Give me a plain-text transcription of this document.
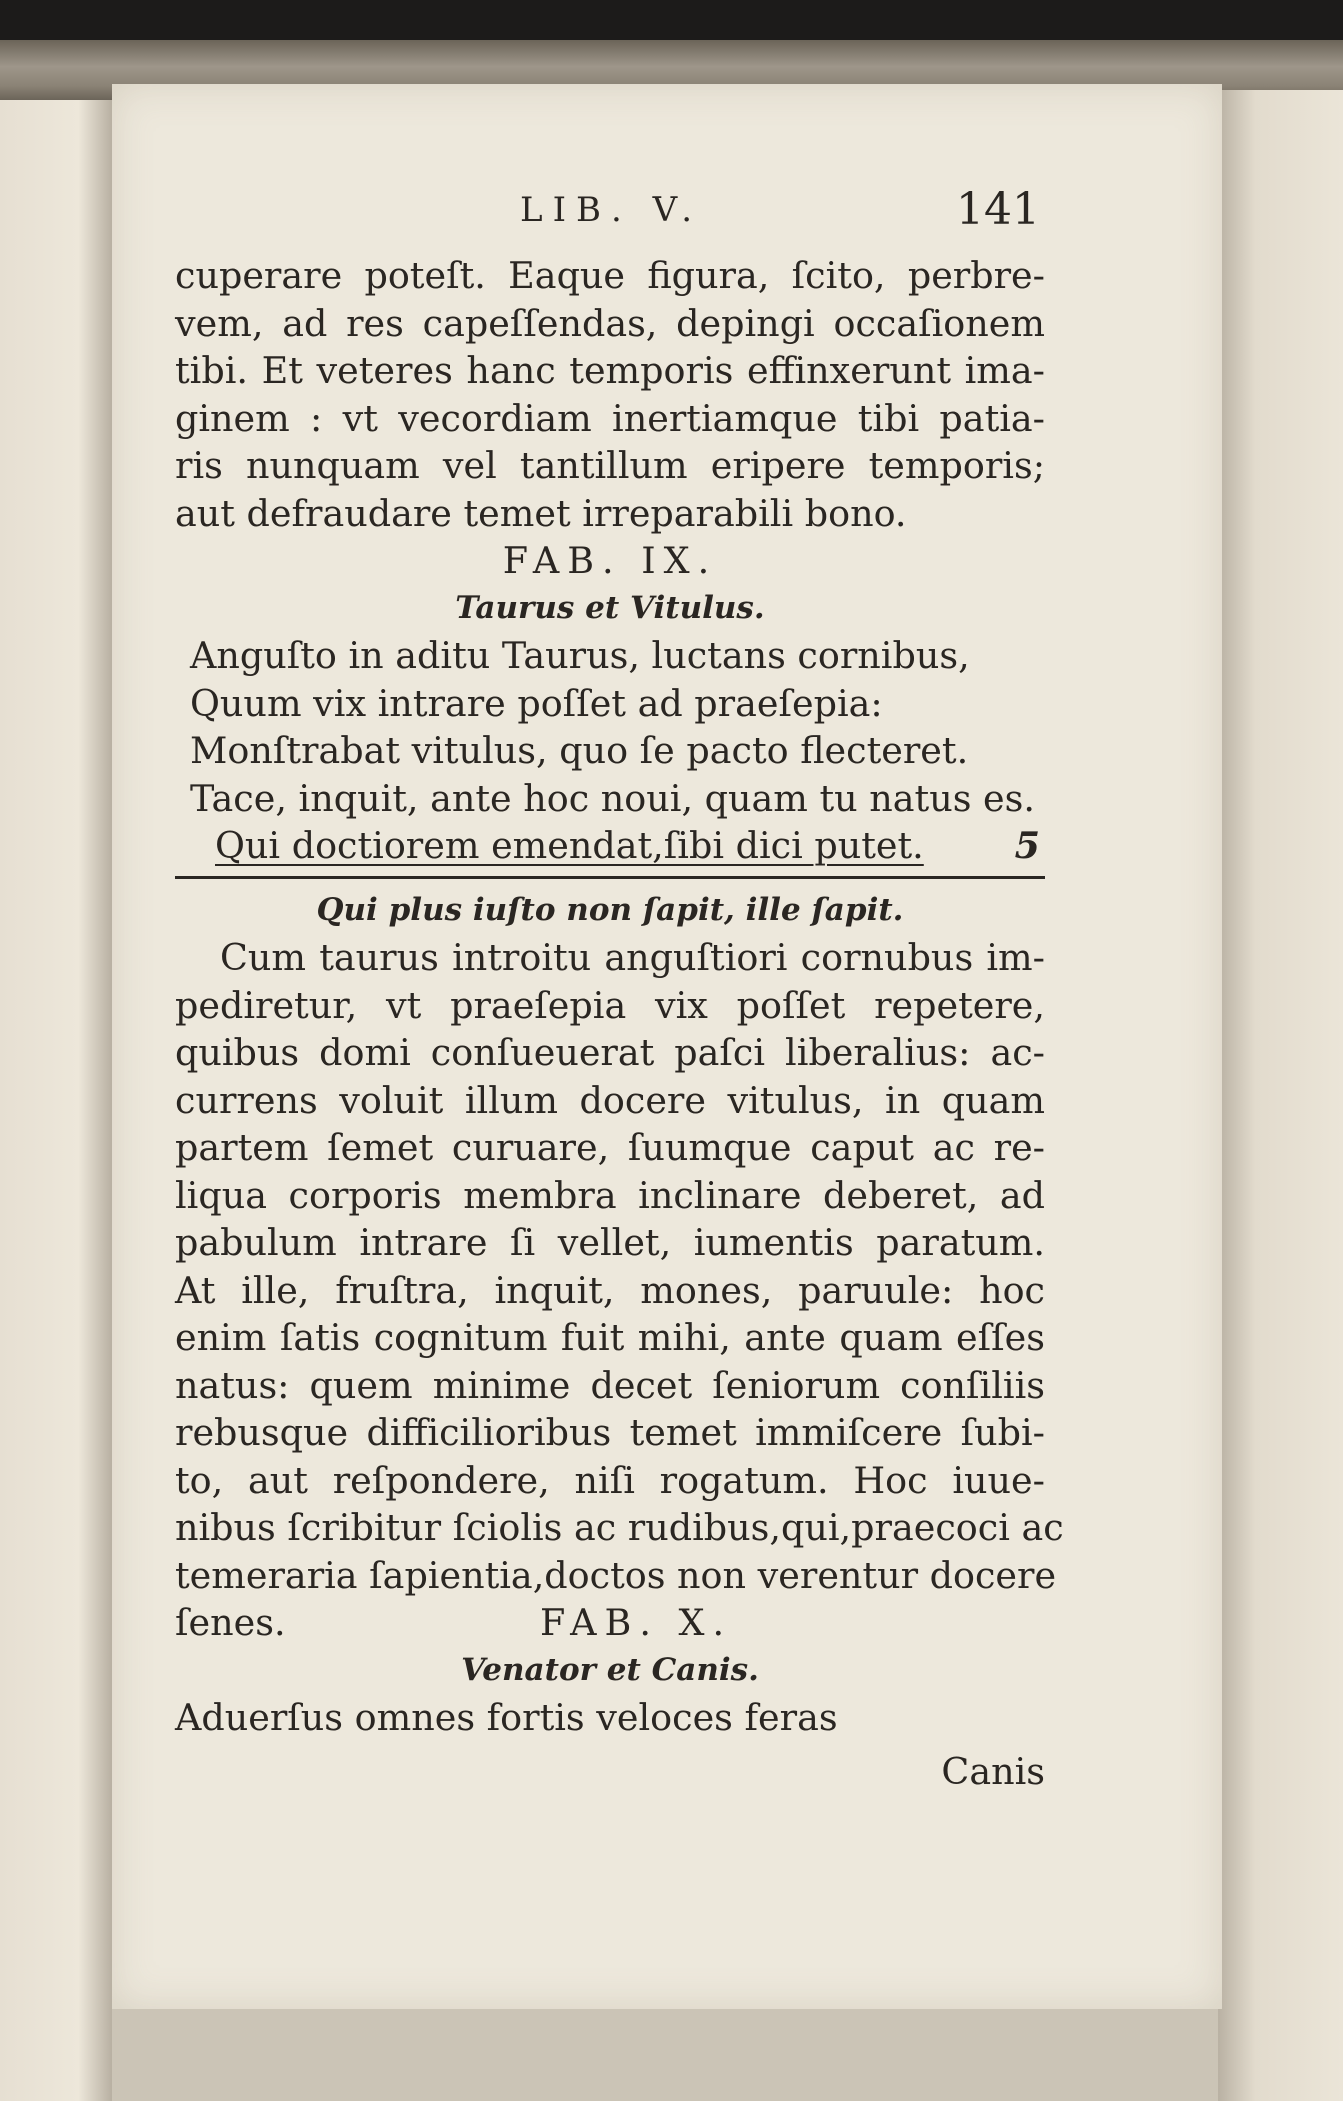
LIB. V.	141
cuperare poteſt. Eaque figura, ſcito, perbre-
vem, ad res capeſſendas, depingi occaſionem
tibi. Et veteres hanc temporis effinxerunt ima-
ginem : vt vecordiam inertiamque tibi patia-
ris nunquam vel tantillum eripere temporis;
aut defraudare temet irreparabili bono.
FAB. IX.
Taurus et Vitulus.
Anguſto in aditu Taurus, luctans cornibus,
Quum vix intrare poſſet ad praeſepia:
Monſtrabat vitulus, quo ſe pacto flecteret.
Tace, inquit, ante hoc noui, quam tu natus es.
Qui doctiorem emendat,ſibi dici putet. 5
Qui plus iuſto non ſapit, ille ſapit.
Cum taurus introitu anguſtiori cornubus im-
pediretur, vt praeſepia vix poſſet repetere,
quibus domi conſueuerat paſci liberalius: ac-
currens voluit illum docere vitulus, in quam
partem ſemet curuare, ſuumque caput ac re-
liqua corporis membra inclinare deberet, ad
pabulum intrare ſi vellet, iumentis paratum.
At ille, fruſtra, inquit, mones, paruule: hoc
enim ſatis cognitum fuit mihi, ante quam eſſes
natus: quem minime decet ſeniorum conſiliis
rebusque difficilioribus temet immiſcere ſubi-
to, aut reſpondere, niſi rogatum. Hoc iuue-
nibus ſcribitur ſciolis ac rudibus,qui,praecoci ac
temeraria ſapientia,doctos non verentur docere
ſenes.	FAB. X.
Venator et Canis.
Aduerſus omnes fortis veloces feras
Canis
